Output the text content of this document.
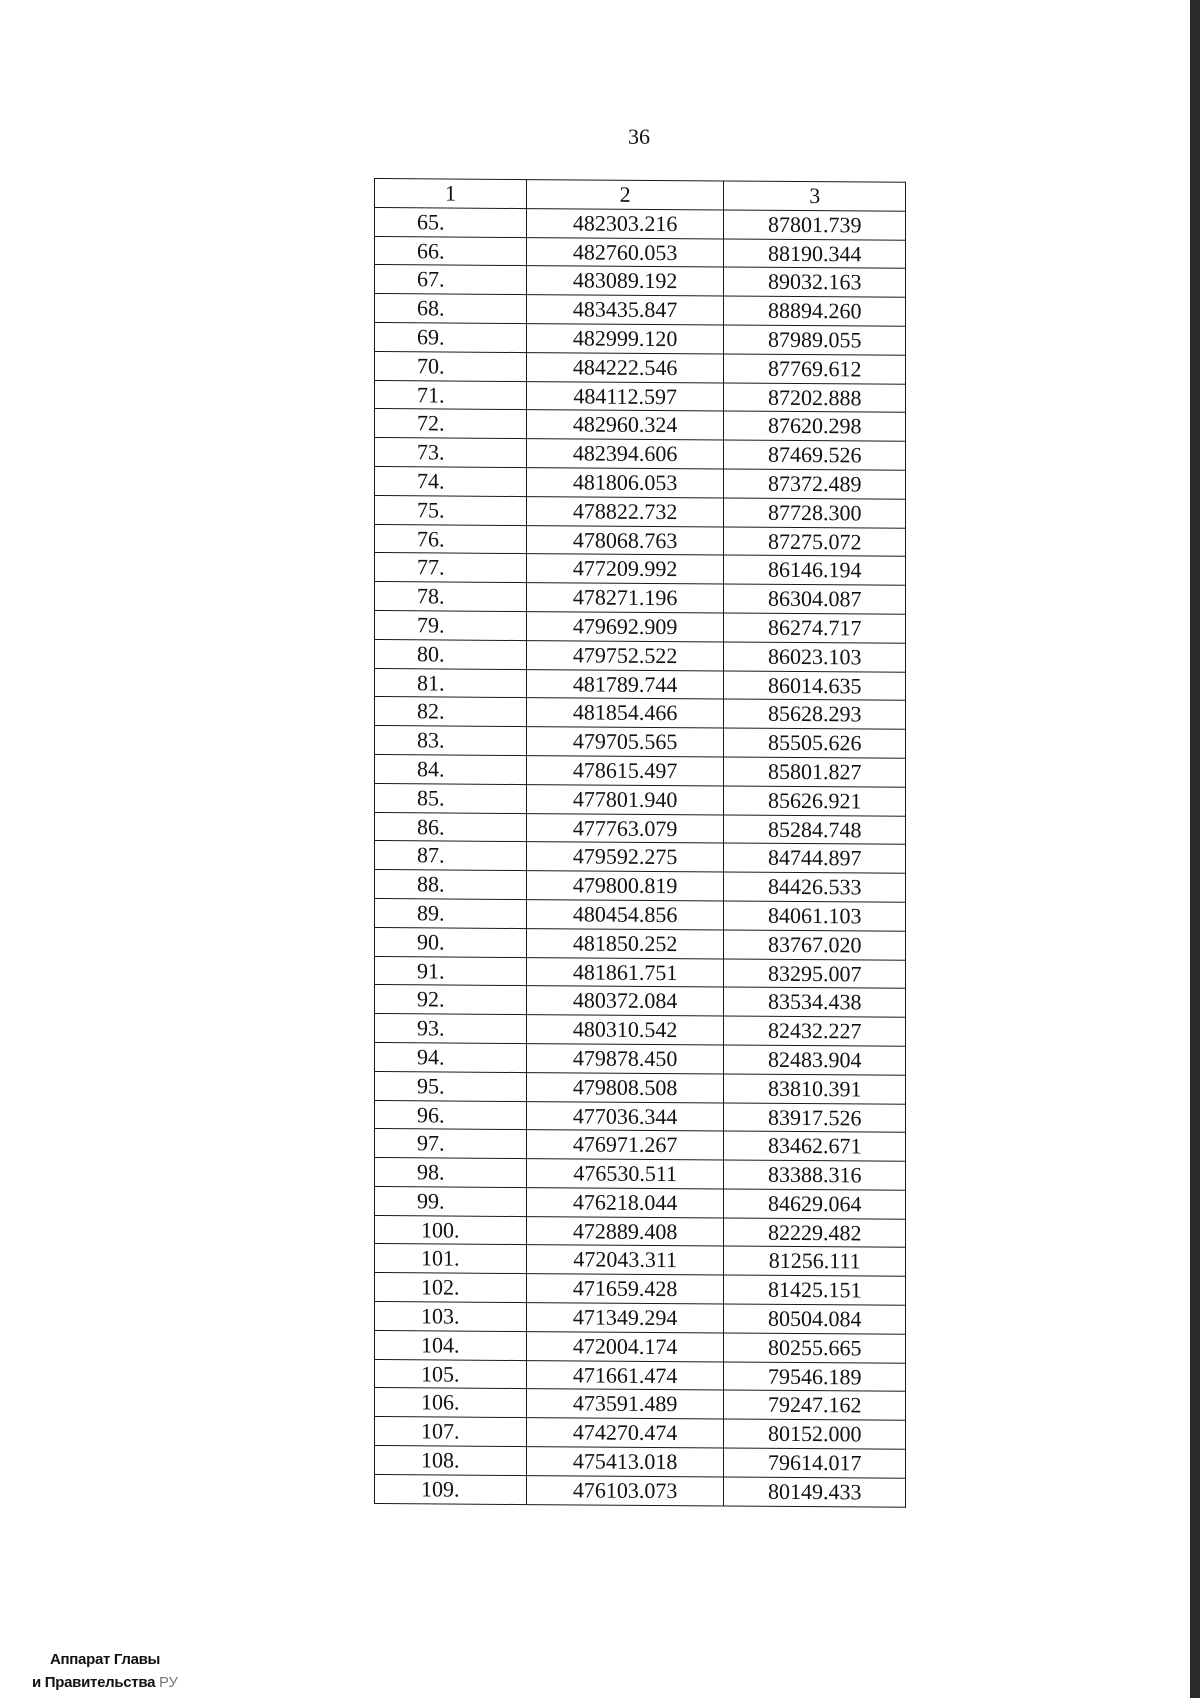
36
1	2	3
65.	482303.216	87801.739
66.	482760.053	88190.344
67.	483089.192	89032.163
68.	483435.847	88894.260
69.	482999.120	87989.055
70.	484222.546	87769.612
71.	484112.597	87202.888
72.	482960.324	87620.298
73.	482394.606	87469.526
74.	481806.053	87372.489
75.	478822.732	87728.300
76.	478068.763	87275.072
77.	477209.992	86146.194
78.	478271.196	86304.087
79.	479692.909	86274.717
80.	479752.522	86023.103
81.	481789.744	86014.635
82.	481854.466	85628.293
83.	479705.565	85505.626
84.	478615.497	85801.827
85.	477801.940	85626.921
86.	477763.079	85284.748
87.	479592.275	84744.897
88.	479800.819	84426.533
89.	480454.856	84061.103
90.	481850.252	83767.020
91.	481861.751	83295.007
92.	480372.084	83534.438
93.	480310.542	82432.227
94.	479878.450	82483.904
95.	479808.508	83810.391
96.	477036.344	83917.526
97.	476971.267	83462.671
98.	476530.511	83388.316
99.	476218.044	84629.064
100.	472889.408	82229.482
101.	472043.311	81256.111
102.	471659.428	81425.151
103.	471349.294	80504.084
104.	472004.174	80255.665
105.	471661.474	79546.189
106.	473591.489	79247.162
107.	474270.474	80152.000
108.	475413.018	79614.017
109.	476103.073	80149.433
Аппарат Главы
и Правительства РУ
